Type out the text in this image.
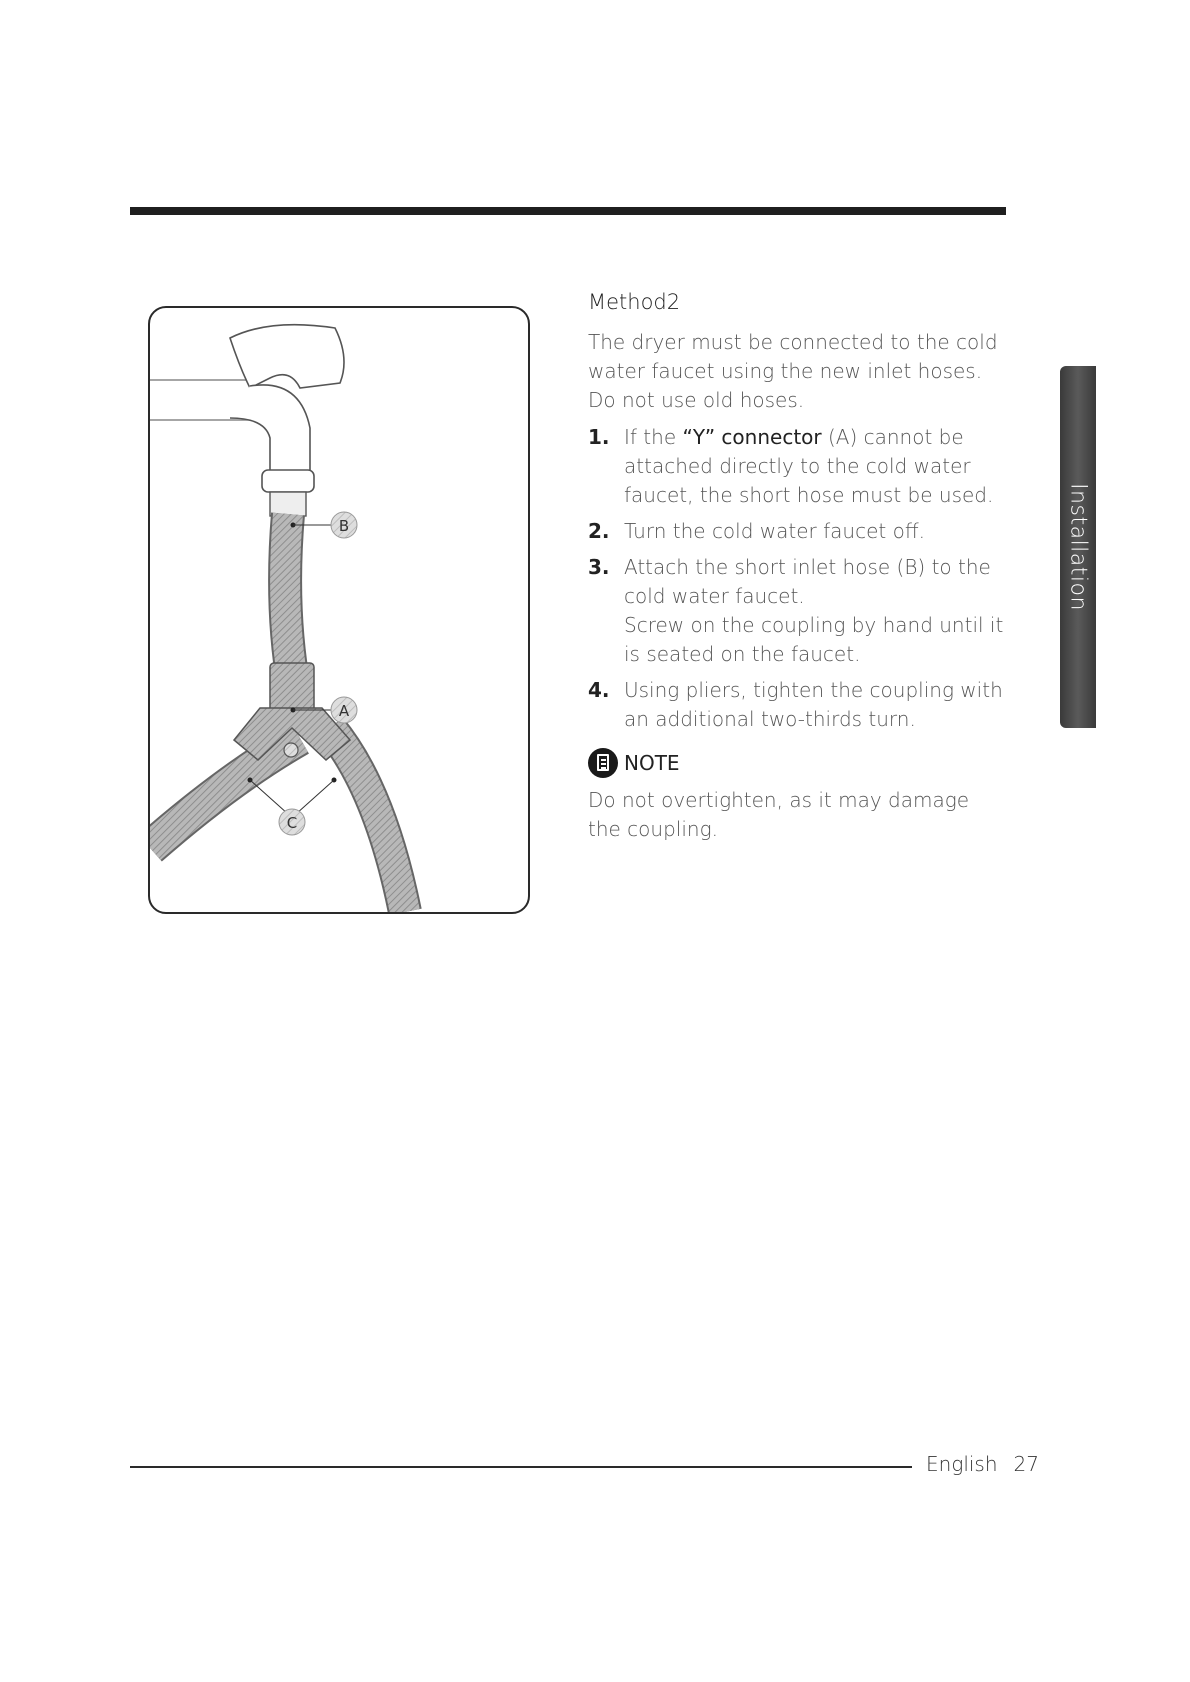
B
A
C
Method2

The dryer must be connected to the cold water faucet using the new inlet hoses. Do not use old hoses.

1. If the “Y” connector (A) cannot be attached directly to the cold water faucet, the short hose must be used.

2. Turn the cold water faucet off.

3. Attach the short inlet hose (B) to the cold water faucet.

Screw on the coupling by hand until it is seated on the faucet.

4. Using pliers, tighten the coupling with an additional two-thirds turn.

NOTE

Do not overtighten, as it may damage the coupling.

Installation
English 27
